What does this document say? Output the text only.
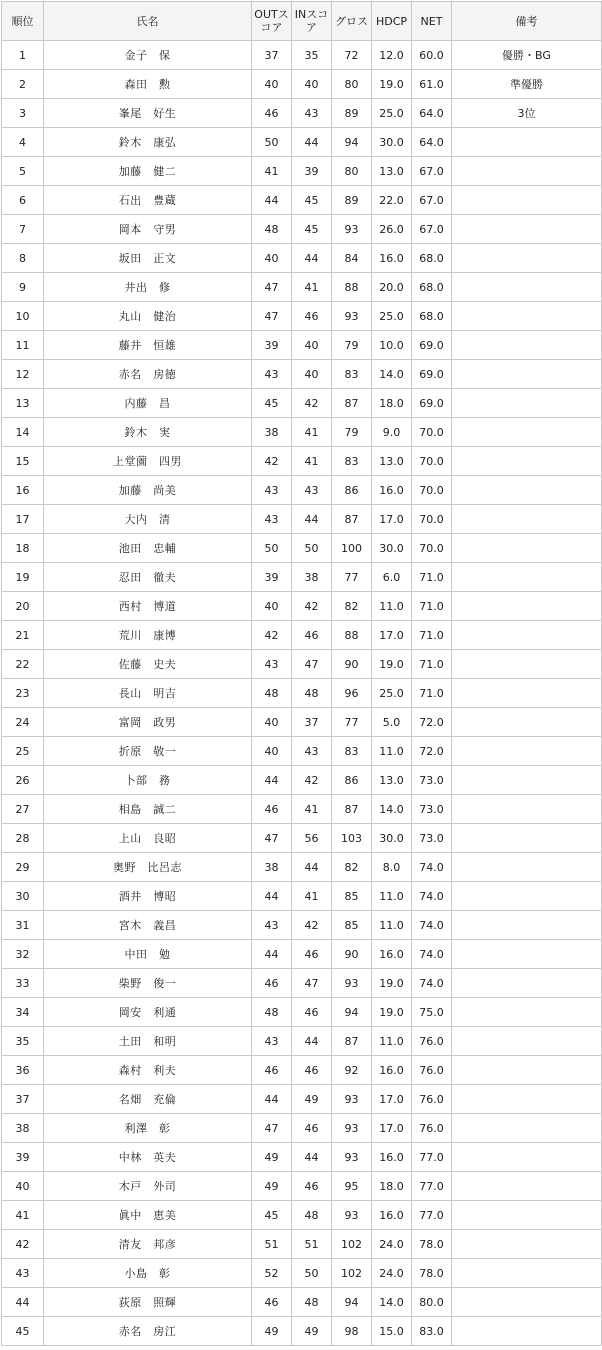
順位	氏名	OUTスコア	INスコア	グロス	HDCP	NET	備考
1	金子　保	37	35	72	12.0	60.0	優勝・BG
2	森田　勲	40	40	80	19.0	61.0	準優勝
3	峯尾　好生	46	43	89	25.0	64.0	3位
4	鈴木　康弘	50	44	94	30.0	64.0	
5	加藤　健二	41	39	80	13.0	67.0	
6	石出　豊蔵	44	45	89	22.0	67.0	
7	岡本　守男	48	45	93	26.0	67.0	
8	坂田　正文	40	44	84	16.0	68.0	
9	井出　修	47	41	88	20.0	68.0	
10	丸山　健治	47	46	93	25.0	68.0	
11	藤井　恒雄	39	40	79	10.0	69.0	
12	赤名　房徳	43	40	83	14.0	69.0	
13	内藤　昌	45	42	87	18.0	69.0	
14	鈴木　実	38	41	79	9.0	70.0	
15	上堂薗　四男	42	41	83	13.0	70.0	
16	加藤　尚美	43	43	86	16.0	70.0	
17	大内　清	43	44	87	17.0	70.0	
18	池田　忠輔	50	50	100	30.0	70.0	
19	忍田　徹夫	39	38	77	6.0	71.0	
20	西村　博道	40	42	82	11.0	71.0	
21	荒川　康博	42	46	88	17.0	71.0	
22	佐藤　史夫	43	47	90	19.0	71.0	
23	長山　明吉	48	48	96	25.0	71.0	
24	富岡　政男	40	37	77	5.0	72.0	
25	折原　敬一	40	43	83	11.0	72.0	
26	卜部　務	44	42	86	13.0	73.0	
27	相島　誠二	46	41	87	14.0	73.0	
28	上山　良昭	47	56	103	30.0	73.0	
29	奥野　比呂志	38	44	82	8.0	74.0	
30	酒井　博昭	44	41	85	11.0	74.0	
31	宮木　義昌	43	42	85	11.0	74.0	
32	中田　勉	44	46	90	16.0	74.0	
33	柴野　俊一	46	47	93	19.0	74.0	
34	岡安　利通	48	46	94	19.0	75.0	
35	土田　和明	43	44	87	11.0	76.0	
36	森村　利夫	46	46	92	16.0	76.0	
37	名畑　充倫	44	49	93	17.0	76.0	
38	利澤　彰	47	46	93	17.0	76.0	
39	中林　英夫	49	44	93	16.0	77.0	
40	木戸　外司	49	46	95	18.0	77.0	
41	眞中　恵美	45	48	93	16.0	77.0	
42	清友　邦彦	51	51	102	24.0	78.0	
43	小島　彰	52	50	102	24.0	78.0	
44	荻原　照輝	46	48	94	14.0	80.0	
45	赤名　房江	49	49	98	15.0	83.0	
